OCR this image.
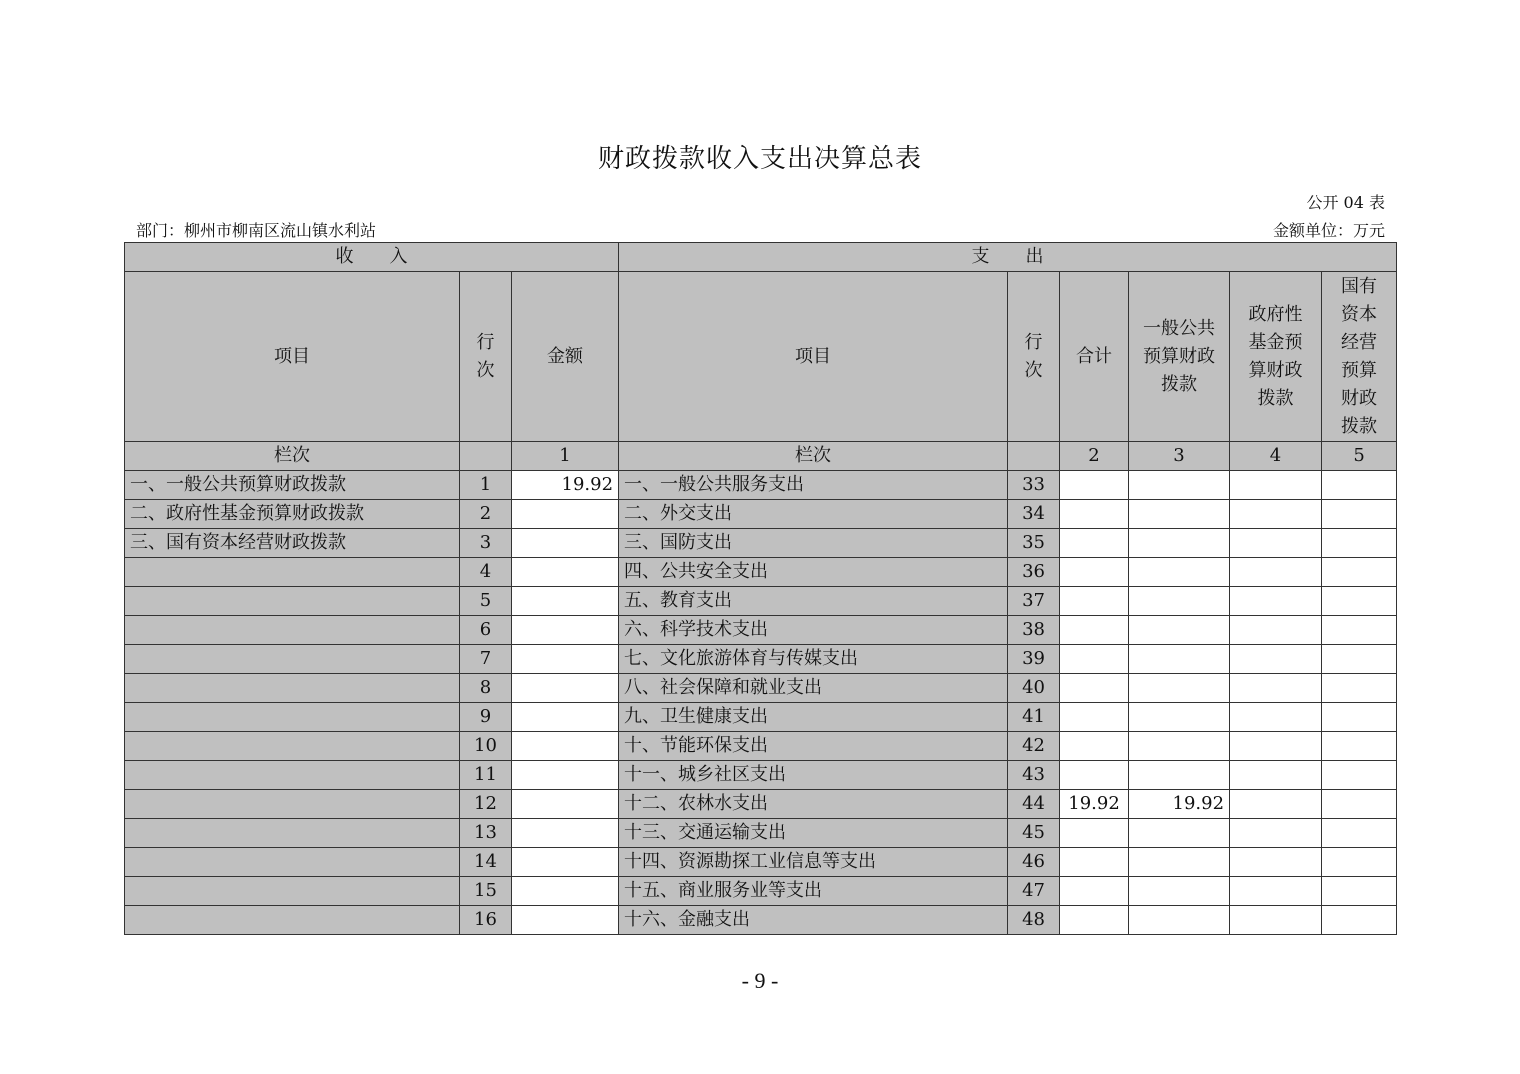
财政拨款收入支出决算总表
公开 04 表
部门：柳州市柳南区流山镇水利站	金额单位：万元
收　　入			支　　出					
项目	行次	金额	项目	行次	合计	一般公共预算财政拨款	政府性基金预算财政拨款	国有资本经营预算财政拨款

栏次		1	栏次		2	3	4	5
一、一般公共预算财政拨款	1	19.92	一、一般公共服务支出	33				
二、政府性基金预算财政拨款	2		二、外交支出	34				
三、国有资本经营财政拨款	3		三、国防支出	35				
	4		四、公共安全支出	36				
	5		五、教育支出	37				
	6		六、科学技术支出	38				
	7		七、文化旅游体育与传媒支出	39				
	8		八、社会保障和就业支出	40				
	9		九、卫生健康支出	41				
	10		十、节能环保支出	42				
	11		十一、城乡社区支出	43				
	12		十二、农林水支出	44	19.92	19.92		
	13		十三、交通运输支出	45				
	14		十四、资源勘探工业信息等支出	46				
	15		十五、商业服务业等支出	47				
	16		十六、金融支出	48				
- 9 -
